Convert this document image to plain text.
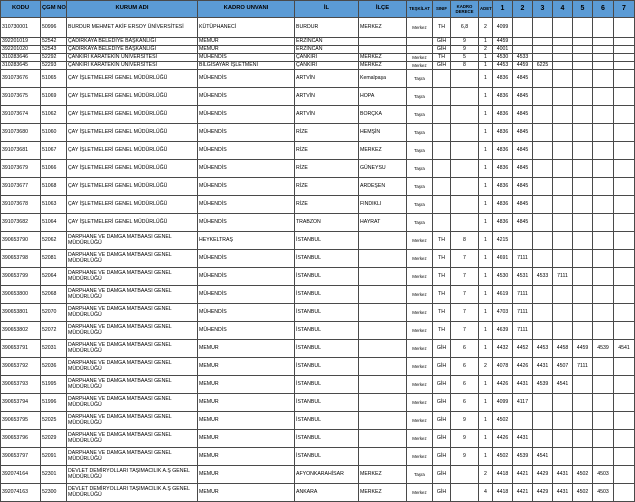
KODU	ÇGM NO	KURUM ADI	KADRO UNVANI	İL	İLÇE	TEŞKİLAT	SINIF	KADRO DERECE	ADET	1	2	3	4	5	6	7
310730001	50996	BURDUR MEHMET AKİF ERSOY ÜNİVERSİTESİ	KÜTÜPHANECİ	BURDUR	MERKEZ	Merkez	TH	6,8	2	4099						
392201019	52542	ÇADIRKAYA BELEDİYE BAŞKANLIĞI	MEMUR	ERZİNCAN			GİH	9	1	4459						
392201020	52543	ÇADIRKAYA BELEDİYE BAŞKANLIĞI	MEMUR	ERZİNCAN			GİH	9	2	4001						
310283646	52292	ÇANKIRI KARATEKİN ÜNİVERSİTESİ	MÜHENDİS	ÇANKIRI	MERKEZ	Merkez	TH	5	1	4530	4533					
310283645	52293	ÇANKIRI KARATEKİN ÜNİVERSİTESİ	BİLGİSAYAR İŞLETMENİ	ÇANKIRI	MERKEZ	Merkez	GİH	8	1	4453	4459	6225				
391073676	51065	ÇAY İŞLETMELERİ GENEL MÜDÜRLÜĞÜ	MÜHENDİS	ARTVİN	Kemalpaşa	Taşra			1	4836	4845					
391073675	51069	ÇAY İŞLETMELERİ GENEL MÜDÜRLÜĞÜ	MÜHENDİS	ARTVİN	HOPA	Taşra			1	4836	4845					
391073674	51062	ÇAY İŞLETMELERİ GENEL MÜDÜRLÜĞÜ	MÜHENDİS	ARTVİN	BORÇKA	Taşra			1	4836	4845					
391073680	51060	ÇAY İŞLETMELERİ GENEL MÜDÜRLÜĞÜ	MÜHENDİS	RİZE	HEMŞİN	Taşra			1	4836	4845					
391073681	51067	ÇAY İŞLETMELERİ GENEL MÜDÜRLÜĞÜ	MÜHENDİS	RİZE	MERKEZ	Taşra			1	4836	4845					
391073679	51066	ÇAY İŞLETMELERİ GENEL MÜDÜRLÜĞÜ	MÜHENDİS	RİZE	GÜNEYSU	Taşra			1	4836	4845					
391073677	51068	ÇAY İŞLETMELERİ GENEL MÜDÜRLÜĞÜ	MÜHENDİS	RİZE	ARDEŞEN	Taşra			1	4836	4845					
391073678	51063	ÇAY İŞLETMELERİ GENEL MÜDÜRLÜĞÜ	MÜHENDİS	RİZE	FINDIKLI	Taşra			1	4836	4845					
391073682	51064	ÇAY İŞLETMELERİ GENEL MÜDÜRLÜĞÜ	MÜHENDİS	TRABZON	HAYRAT	Taşra			1	4836	4845					
390653790	52062	DARPHANE VE DAMGA MATBAASI GENEL MÜDÜRLÜĞÜ	HEYKELTRAŞ	İSTANBUL		Merkez	TH	8	1	4215						
390653798	52081	DARPHANE VE DAMGA MATBAASI GENEL MÜDÜRLÜĞÜ	MÜHENDİS	İSTANBUL		Merkez	TH	7	1	4691	7111					
390653799	52064	DARPHANE VE DAMGA MATBAASI GENEL MÜDÜRLÜĞÜ	MÜHENDİS	İSTANBUL		Merkez	TH	7	1	4530	4531	4533	7111			
390653800	52068	DARPHANE VE DAMGA MATBAASI GENEL MÜDÜRLÜĞÜ	MÜHENDİS	İSTANBUL		Merkez	TH	7	1	4619	7111					
390653801	52070	DARPHANE VE DAMGA MATBAASI GENEL MÜDÜRLÜĞÜ	MÜHENDİS	İSTANBUL		Merkez	TH	7	1	4703	7111					
390653802	52072	DARPHANE VE DAMGA MATBAASI GENEL MÜDÜRLÜĞÜ	MÜHENDİS	İSTANBUL		Merkez	TH	7	1	4639	7111					
390653791	52031	DARPHANE VE DAMGA MATBAASI GENEL MÜDÜRLÜĞÜ	MEMUR	İSTANBUL		Merkez	GİH	6	1	4432	4452	4453	4458	4459	4539	4541
390653792	52036	DARPHANE VE DAMGA MATBAASI GENEL MÜDÜRLÜĞÜ	MEMUR	İSTANBUL		Merkez	GİH	6	2	4078	4426	4431	4507	7111		
390653793	51995	DARPHANE VE DAMGA MATBAASI GENEL MÜDÜRLÜĞÜ	MEMUR	İSTANBUL		Merkez	GİH	6	1	4426	4431	4539	4541			
390653794	51996	DARPHANE VE DAMGA MATBAASI GENEL MÜDÜRLÜĞÜ	MEMUR	İSTANBUL		Merkez	GİH	6	1	4099	4117					
390653795	52025	DARPHANE VE DAMGA MATBAASI GENEL MÜDÜRLÜĞÜ	MEMUR	İSTANBUL		Merkez	GİH	9	1	4502						
390653796	52029	DARPHANE VE DAMGA MATBAASI GENEL MÜDÜRLÜĞÜ	MEMUR	İSTANBUL		Merkez	GİH	9	1	4426	4431					
390653797	52091	DARPHANE VE DAMGA MATBAASI GENEL MÜDÜRLÜĞÜ	MEMUR	İSTANBUL		Merkez	GİH	9	1	4502	4539	4541				
392074164	52301	DEVLET DEMİRYOLLARI TAŞIMACILIK A.Ş GENEL MÜDÜRLÜĞÜ	MEMUR	AFYONKARAHİSAR	MERKEZ	Taşra	GİH		2	4418	4421	4429	4431	4502	4503	
392074163	52300	DEVLET DEMİRYOLLARI TAŞIMACILIK A.Ş GENEL MÜDÜRLÜĞÜ	MEMUR	ANKARA	MERKEZ	Merkez	GİH		4	4418	4421	4429	4431	4502	4503	
